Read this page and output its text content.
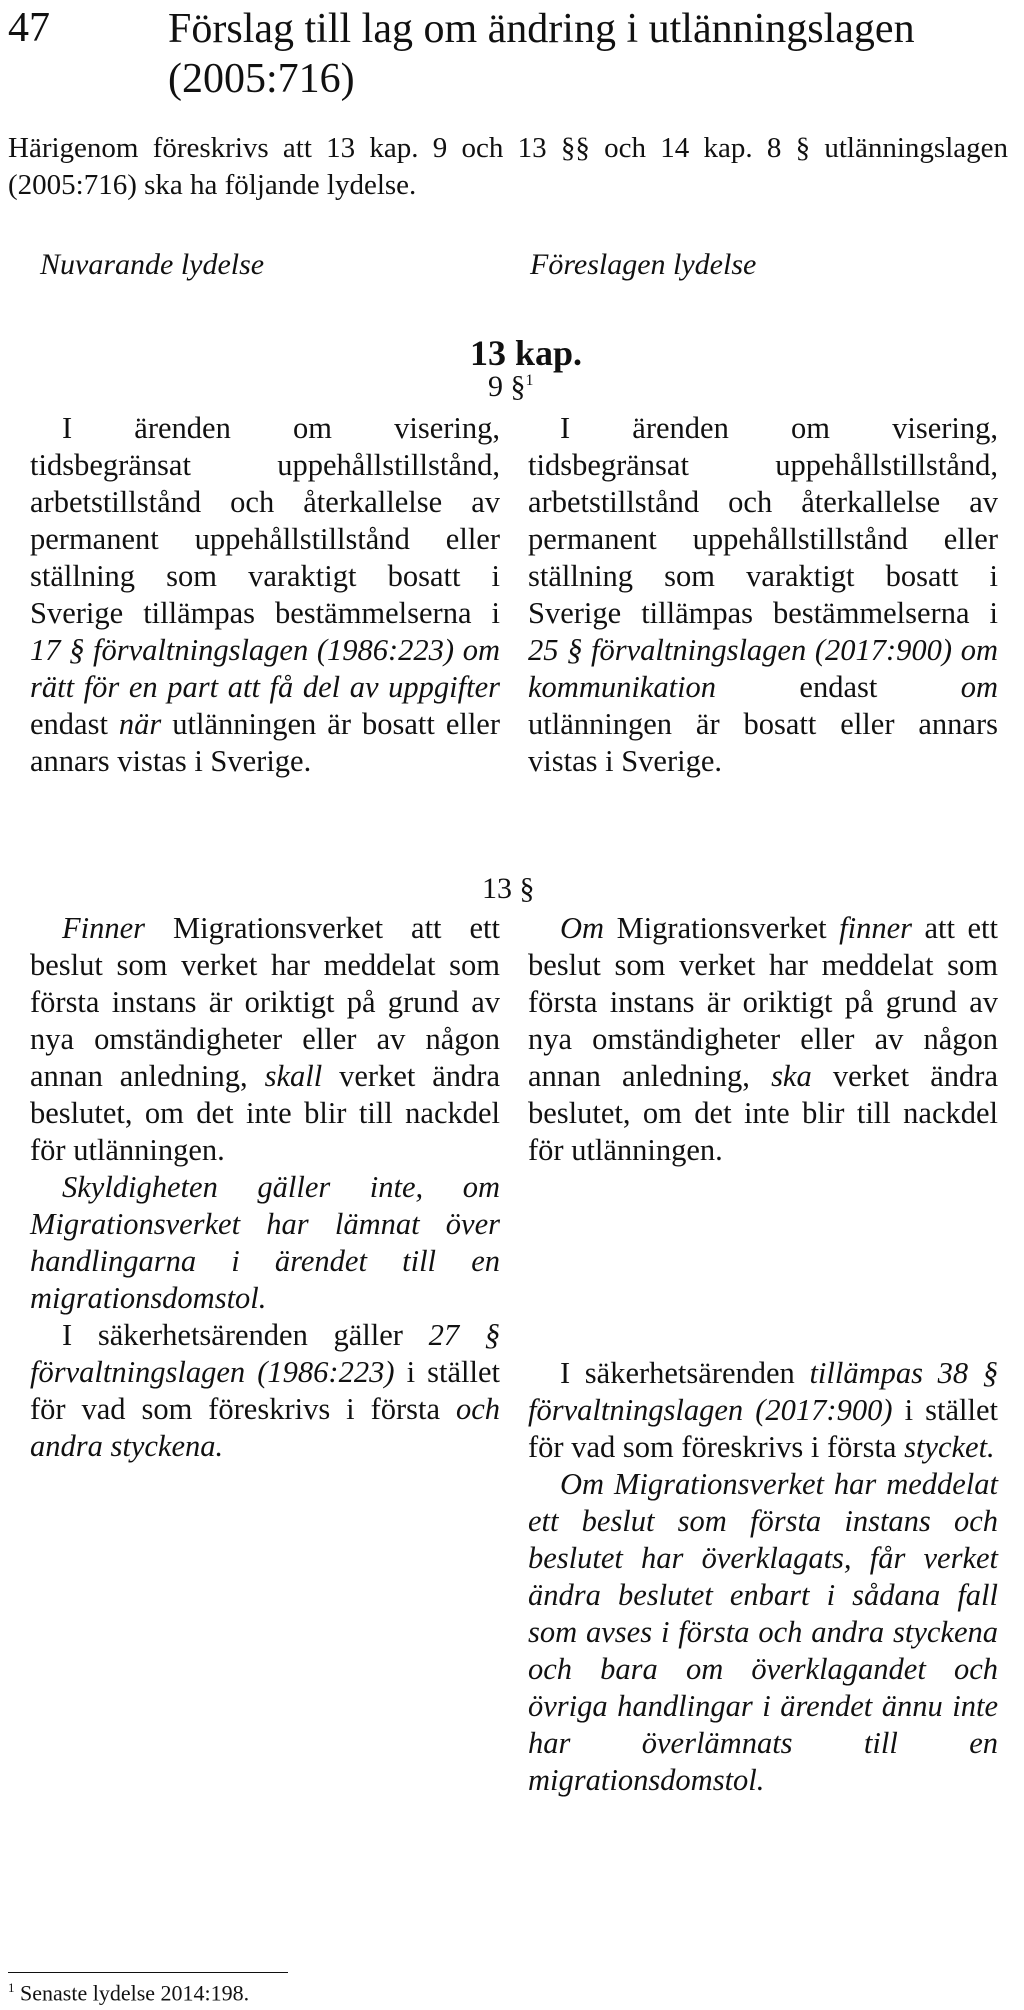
47	Förslag till lag om ändring i utlänningslagen (2005:716)
Härigenom föreskrivs att 13 kap. 9 och 13 §§ och 14 kap. 8 § utlänningslagen (2005:716) ska ha följande lydelse.
Nuvarande lydelse	Föreslagen lydelse
13 kap.
9 §$^1$

I ärenden om visering, tidsbegränsat uppehållstillstånd, arbetstillstånd och återkallelse av permanent uppehållstillstånd eller ställning som varaktigt bosatt i Sverige tillämpas bestämmelserna i 17 § förvaltningslagen (1986:223) om rätt för en part att få del av uppgifter endast när utlänningen är bosatt eller annars vistas i Sverige.

I ärenden om visering, tidsbegränsat uppehållstillstånd, arbetstillstånd och återkallelse av permanent uppehållstillstånd eller ställning som varaktigt bosatt i Sverige tillämpas bestämmelserna i 25 § förvaltningslagen (2017:900) om kommunikation endast om utlänningen är bosatt eller annars vistas i Sverige.

13 §

Finner Migrationsverket att ett beslut som verket har meddelat som första instans är oriktigt på grund av nya omständigheter eller av någon annan anledning, skall verket ändra beslutet, om det inte blir till nackdel för utlänningen.

Skyldigheten gäller inte, om Migrationsverket har lämnat över handlingarna i ärendet till en migrationsdomstol.

I säkerhetsärenden gäller 27 § förvaltningslagen (1986:223) i stället för vad som föreskrivs i första och andra styckena.

Om Migrationsverket finner att ett beslut som verket har meddelat som första instans är oriktigt på grund av nya omständigheter eller av någon annan anledning, ska verket ändra beslutet, om det inte blir till nackdel för utlänningen.

I säkerhetsärenden tillämpas 38 § förvaltningslagen (2017:900) i stället för vad som föreskrivs i första stycket.

Om Migrationsverket har meddelat ett beslut som första instans och beslutet har överklagats, får verket ändra beslutet enbart i sådana fall som avses i första och andra styckena och bara om överklagandet och övriga handlingar i ärendet ännu inte har överlämnats till en migrationsdomstol.

$^1$ Senaste lydelse 2014:198.
